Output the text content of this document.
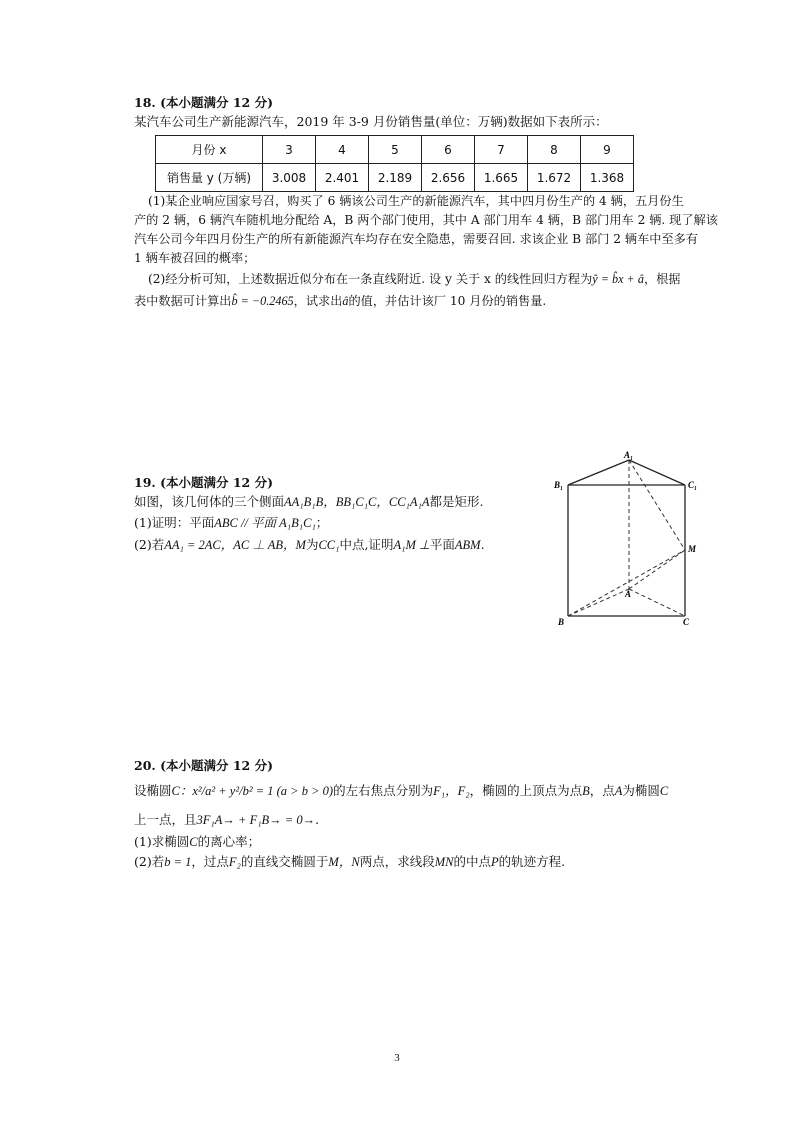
18. (本小题满分 12 分)
某汽车公司生产新能源汽车，2019 年 3-9 月份销售量(单位：万辆)数据如下表所示：
月份 x	3	4	5	6	7	8	9
销售量 y (万辆)	3.008	2.401	2.189	2.656	1.665	1.672	1.368
(1)某企业响应国家号召，购买了 6 辆该公司生产的新能源汽车，其中四月份生产的 4 辆，五月份生
产的 2 辆，6 辆汽车随机地分配给 A，B 两个部门使用，其中 A 部门用车 4 辆，B 部门用车 2 辆. 现了解该
汽车公司今年四月份生产的所有新能源汽车均存在安全隐患，需要召回. 求该企业 B 部门 2 辆车中至多有
1 辆车被召回的概率；
(2)经分析可知，上述数据近似分布在一条直线附近. 设 y 关于 x 的线性回归方程为ŷ = b̂x + â，根据
表中数据可计算出b̂ = −0.2465，试求出â的值，并估计该厂 10 月份的销售量.
19. (本小题满分 12 分)
如图，该几何体的三个侧面AA₁B₁B，BB₁C₁C，CC₁A₁A都是矩形.
(1)证明：平面ABC // 平面 A₁B₁C₁；
(2)若AA₁ = 2AC，AC ⊥ AB，M为CC₁中点,证明A₁M ⊥平面ABM.
A₁
B₁	C₁
M
A
B	C
20. (本小题满分 12 分)
设椭圆C：x²/a² + y²/b² = 1 (a > b > 0)的左右焦点分别为F₁，F₂，椭圆的上顶点为点B，点A为椭圆C
上一点，且3F₁A→ + F₁B→ = 0→.
(1)求椭圆C的离心率；
(2)若b = 1，过点F₂的直线交椭圆于M，N两点，求线段MN的中点P的轨迹方程.
3
